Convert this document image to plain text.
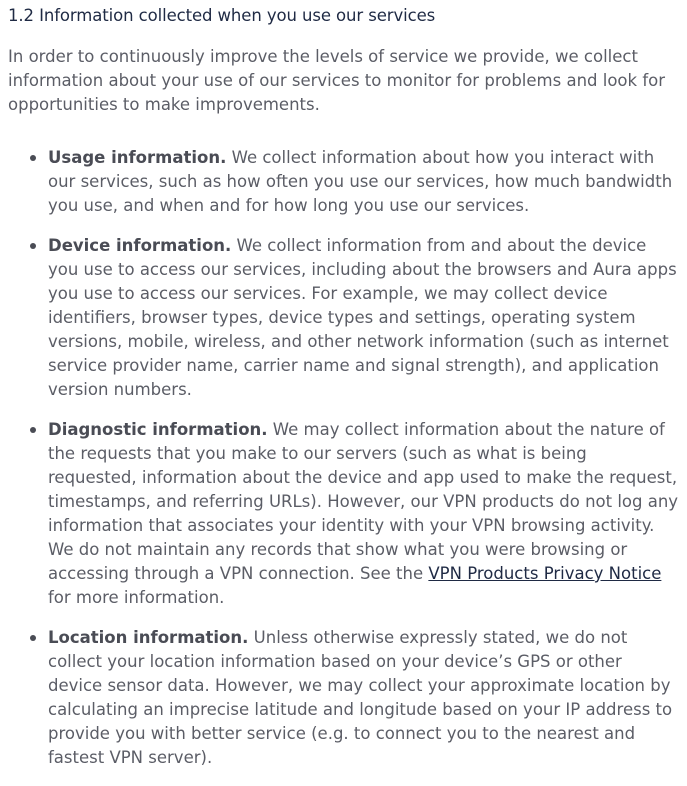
1.2 Information collected when you use our services

In order to continuously improve the levels of service we provide, we collect information about your use of our services to monitor for problems and look for opportunities to make improvements.

Usage information. We collect information about how you interact with our services, such as how often you use our services, how much bandwidth you use, and when and for how long you use our services.
Device information. We collect information from and about the device you use to access our services, including about the browsers and Aura apps you use to access our services. For example, we may collect device identifiers, browser types, device types and settings, operating system versions, mobile, wireless, and other network information (such as internet service provider name, carrier name and signal strength), and application version numbers.
Diagnostic information. We may collect information about the nature of the requests that you make to our servers (such as what is being requested, information about the device and app used to make the request, timestamps, and referring URLs). However, our VPN products do not log any information that associates your identity with your VPN browsing activity. We do not maintain any records that show what you were browsing or accessing through a VPN connection. See the VPN Products Privacy Notice for more information.
Location information. Unless otherwise expressly stated, we do not collect your location information based on your device’s GPS or other device sensor data. However, we may collect your approximate location by calculating an imprecise latitude and longitude based on your IP address to provide you with better service (e.g. to connect you to the nearest and fastest VPN server).
